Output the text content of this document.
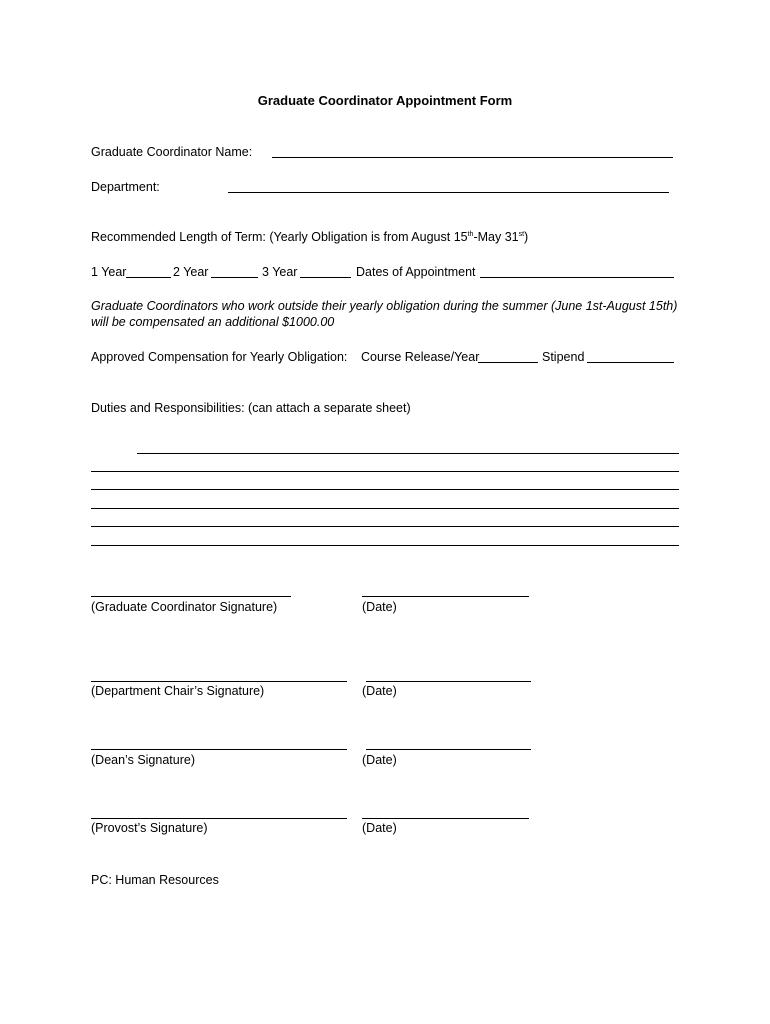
Graduate Coordinator Appointment Form
Graduate Coordinator Name:
Department:
Recommended Length of Term: (Yearly Obligation is from August 15th-May 31st)
1 Year	2 Year	3 Year	Dates of Appointment
Graduate Coordinators who work outside their yearly obligation during the summer (June 1st-August 15th) will be compensated an additional $1000.00
Approved Compensation for Yearly Obligation: Course Release/Year	Stipend
Duties and Responsibilities: (can attach a separate sheet)
(Graduate Coordinator Signature)	(Date)
(Department Chair’s Signature)	(Date)
(Dean’s Signature)	(Date)
(Provost’s Signature)	(Date)
PC: Human Resources
